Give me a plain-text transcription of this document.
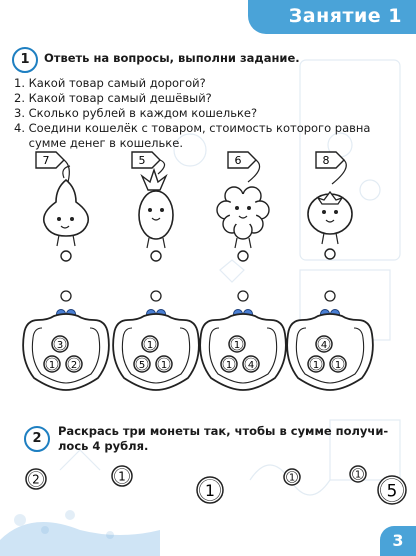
Занятие 1
1	Ответь на вопросы, выполни задание.
1. Какой товар самый дорогой?
2. Какой товар самый дешёвый?
3. Сколько рублей в каждом кошельке?
4. Соедини кошелёк с товаром, стоимость которого равна
сумме денег в кошельке.
7	5	6	8
3
1 2
1
5 1
1
1 4
4
1 1
2	Раскрась три монеты так, чтобы в сумме получи-
лось 4 рубля.
2	1
1
1	1
5
3
